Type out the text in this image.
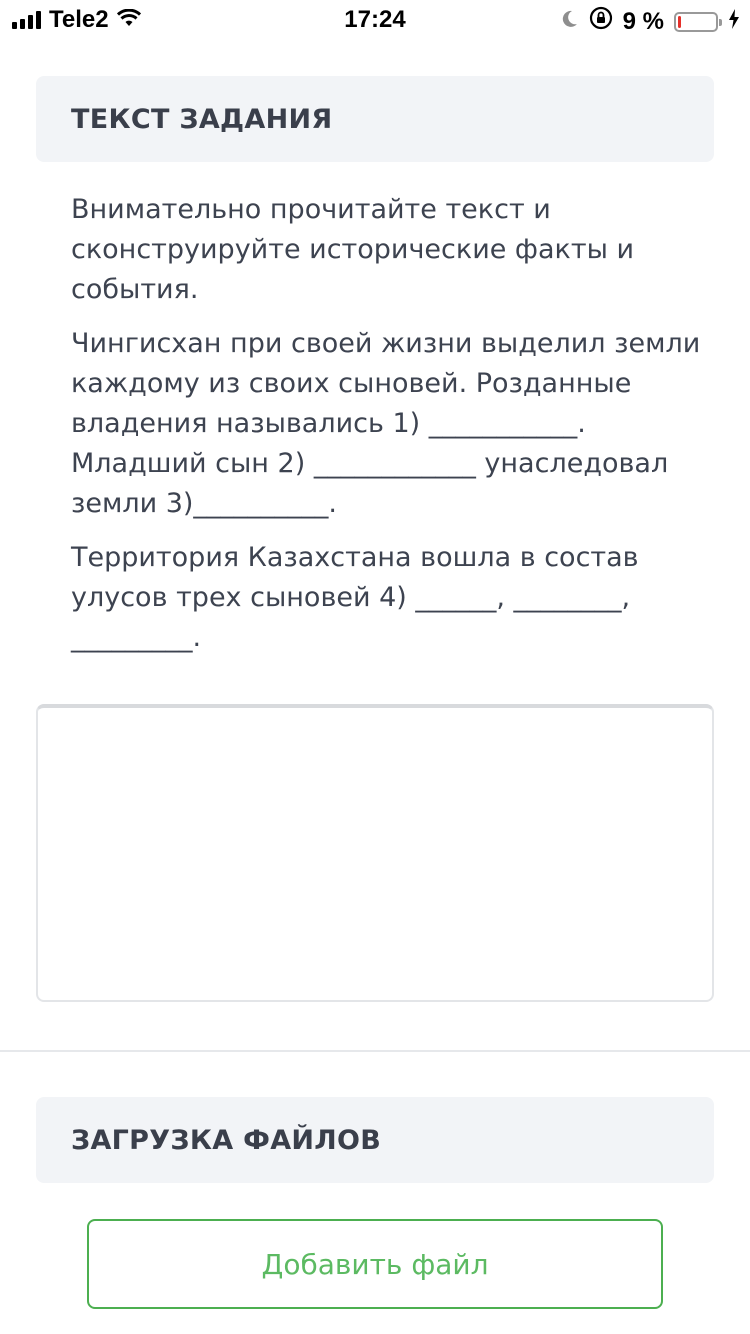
Tele2	17:24	9 %
ТЕКСТ ЗАДАНИЯ

Внимательно прочитайте текст и сконструируйте исторические факты и события.

Чингисхан при своей жизни выделил земли каждому из своих сыновей. Розданные владения назывались 1) ___________. Младший сын 2) ____________ унаследовал земли 3)__________.

Территория Казахстана вошла в состав улусов трех сыновей 4) ______, ________, _________.

ЗАГРУЗКА ФАЙЛОВ
Добавить файл
